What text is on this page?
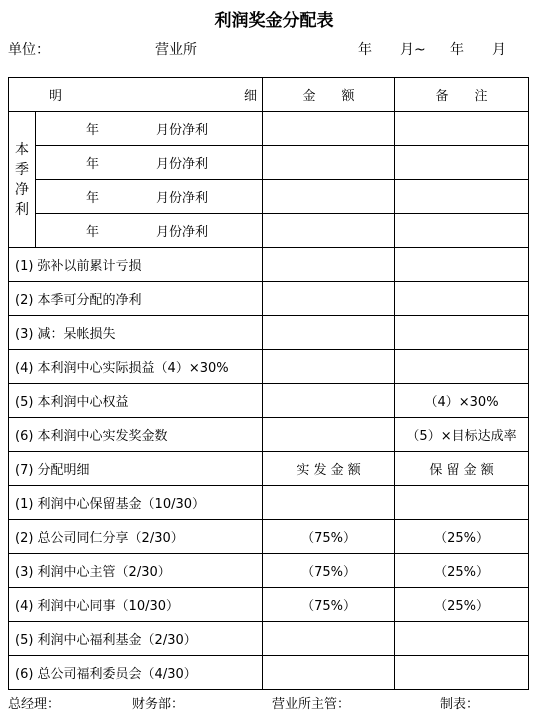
利润奖金分配表
单位：	营业所	年 月~ 年 月
明 细		金　　额	备　　注

本
季
净
利	年 月份净利		
	年 月份净利		
	年 月份净利		
	年 月份净利		
(1) 弥补以前累计亏损			
(2) 本季可分配的净利			
(3) 减：呆帐损失			
(4) 本利润中心实际损益（4）×30%			
(5) 本利润中心权益			（4）×30%
(6) 本利润中心实发奖金数			（5）×目标达成率
(7) 分配明细		实 发 金 额	保 留 金 额
(1) 利润中心保留基金（10/30）			
(2) 总公司同仁分享（2/30）		（75%）	（25%）
(3) 利润中心主管（2/30）		（75%）	（25%）
(4) 利润中心同事（10/30）		（75%）	（25%）
(5) 利润中心福利基金（2/30）			
(6) 总公司福利委员会（4/30）			
总经理：	财务部：	营业所主管：	制表：
